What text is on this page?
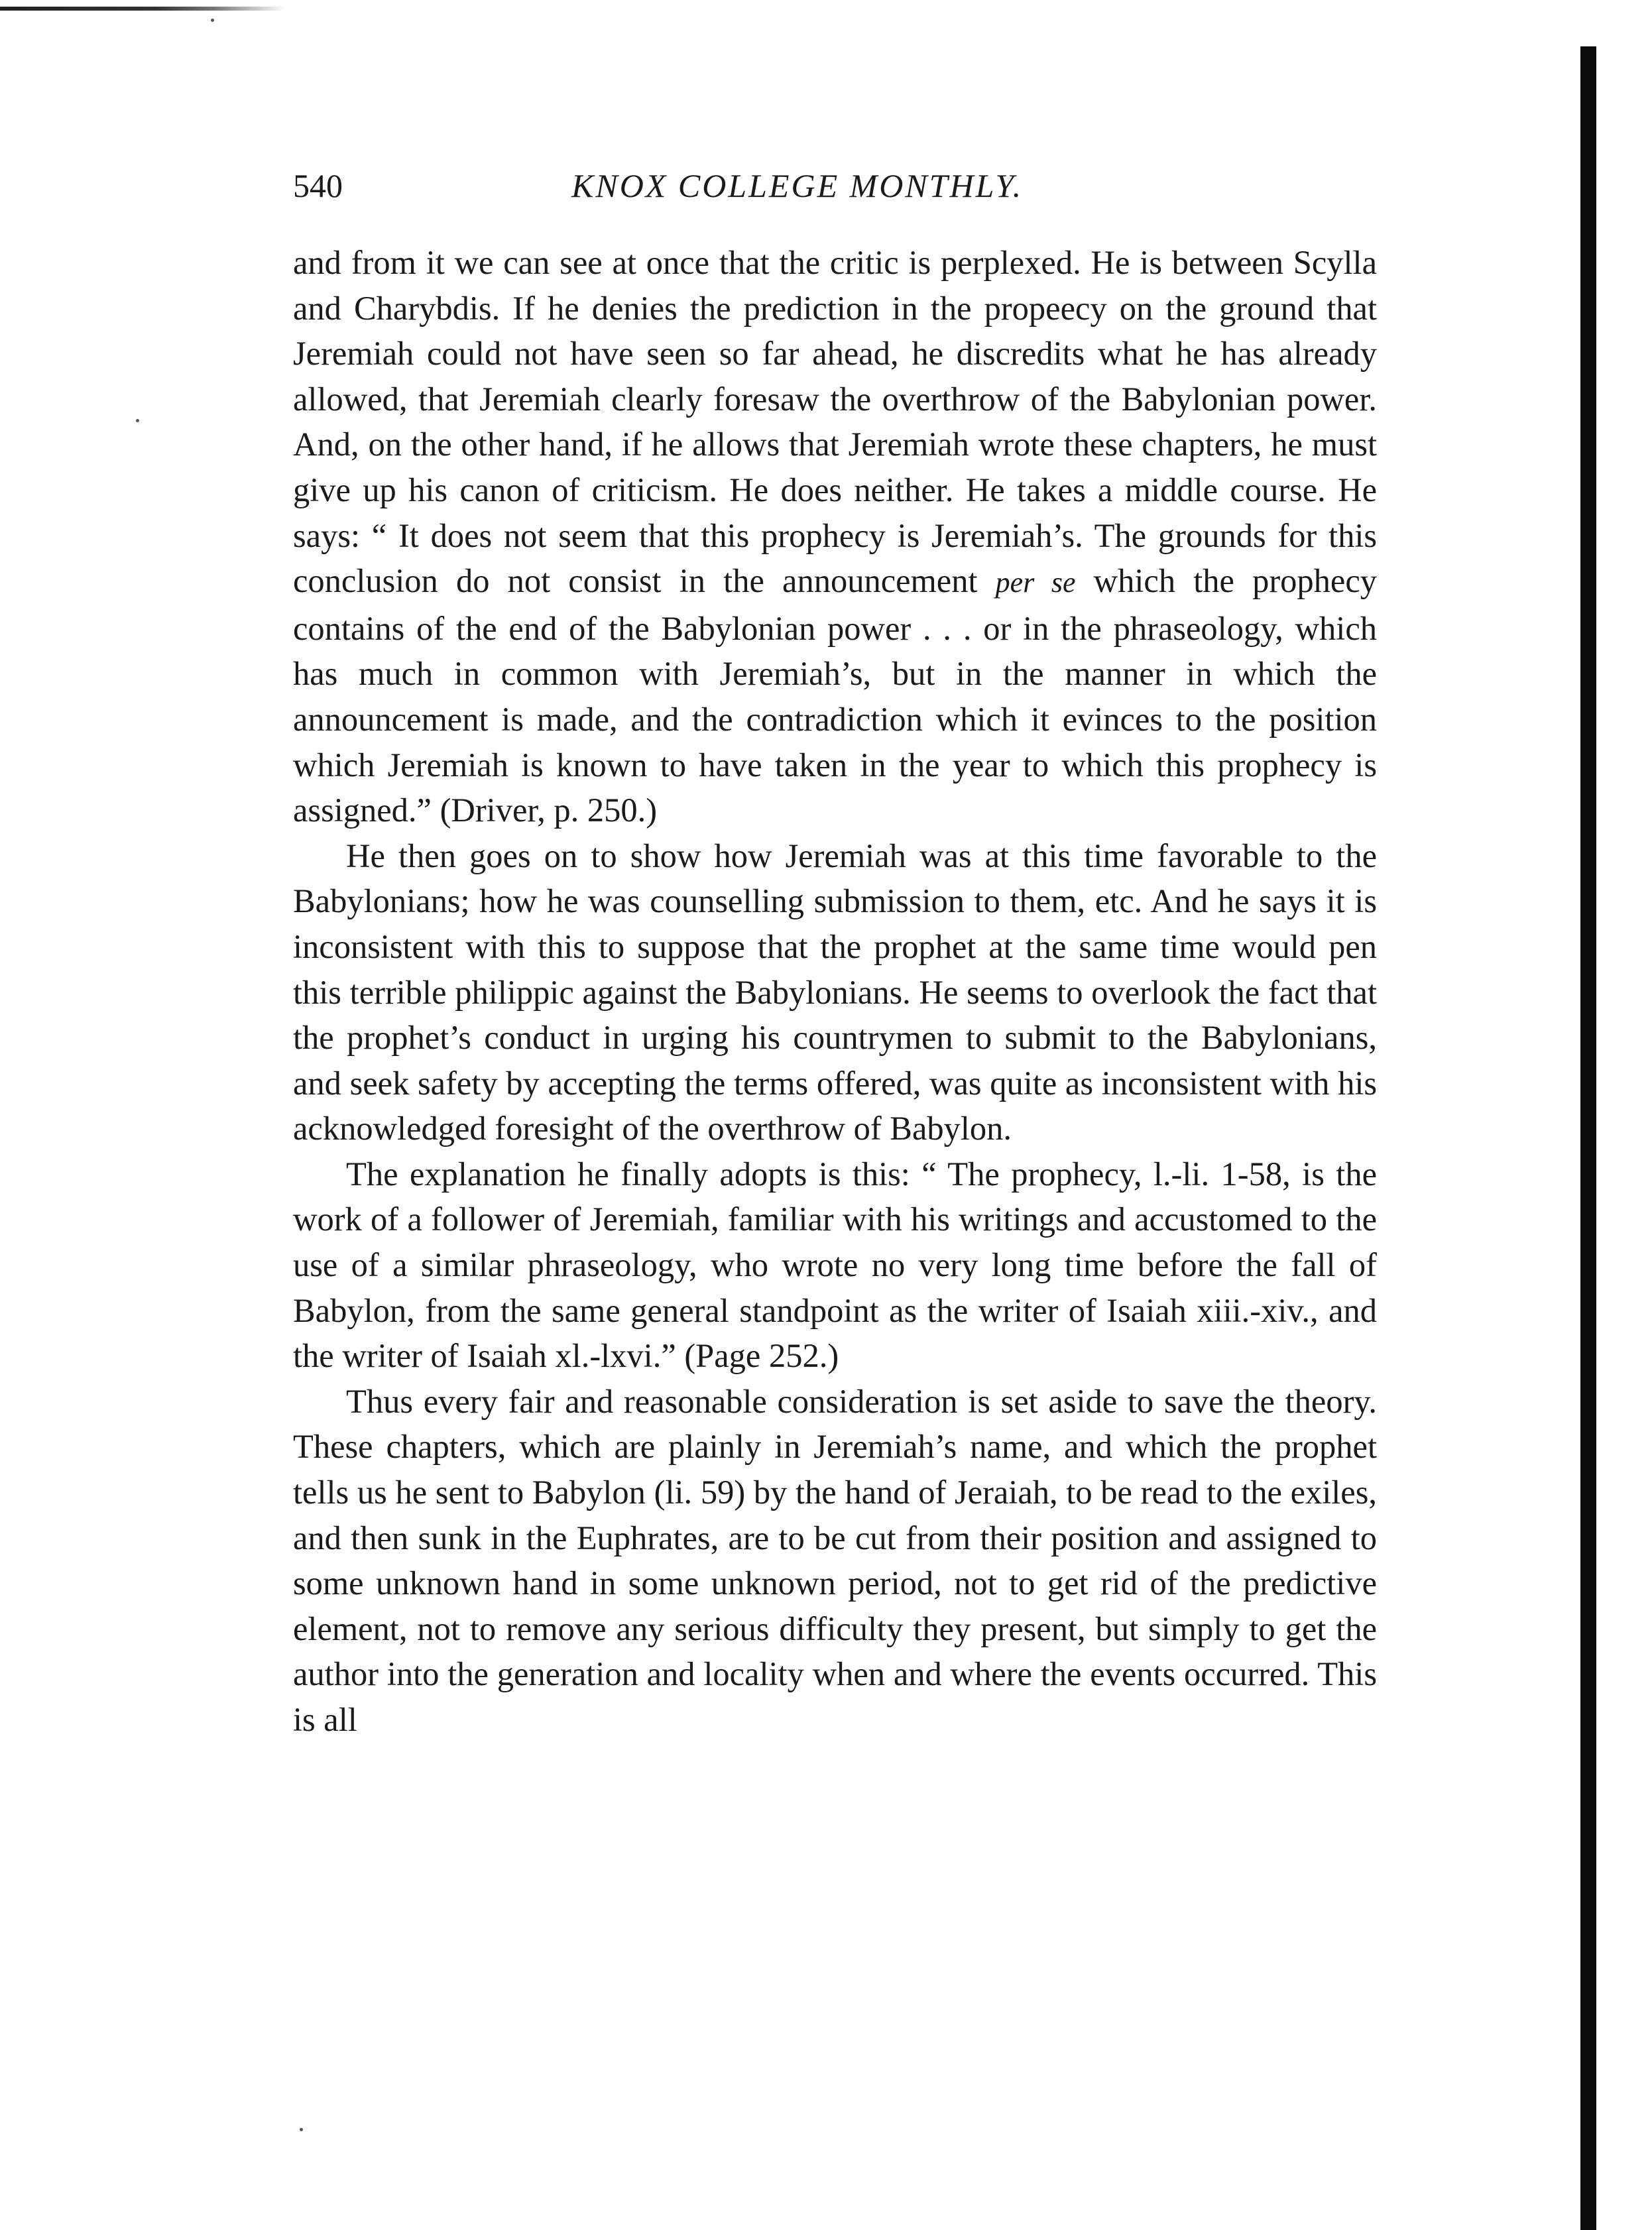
540	KNOX COLLEGE MONTHLY.

and from it we can see at once that the critic is perplexed. He is between Scylla and Charybdis. If he denies the prediction in the propeecy on the ground that Jeremiah could not have seen so far ahead, he discredits what he has already allowed, that Jeremiah clearly foresaw the overthrow of the Babylonian power. And, on the other hand, if he allows that Jeremiah wrote these chapters, he must give up his canon of criticism. He does neither. He takes a middle course. He says: “ It does not seem that this prophecy is Jeremiah’s. The grounds for this conclusion do not consist in the announcement per se which the prophecy contains of the end of the Babylonian power . . . or in the phraseology, which has much in common with Jeremiah’s, but in the manner in which the announcement is made, and the contradiction which it evinces to the position which Jeremiah is known to have taken in the year to which this prophecy is assigned.” (Driver, p. 250.)

He then goes on to show how Jeremiah was at this time favorable to the Babylonians; how he was counselling submission to them, etc. And he says it is inconsistent with this to suppose that the prophet at the same time would pen this terrible philippic against the Babylonians. He seems to overlook the fact that the prophet’s conduct in urging his countrymen to submit to the Babylonians, and seek safety by accepting the terms offered, was quite as inconsistent with his acknowledged foresight of the overthrow of Babylon.

The explanation he finally adopts is this: “ The prophecy, l.-li. 1-58, is the work of a follower of Jeremiah, familiar with his writings and accustomed to the use of a similar phraseology, who wrote no very long time before the fall of Babylon, from the same general standpoint as the writer of Isaiah xiii.-xiv., and the writer of Isaiah xl.-lxvi.” (Page 252.)

Thus every fair and reasonable consideration is set aside to save the theory. These chapters, which are plainly in Jeremiah’s name, and which the prophet tells us he sent to Babylon (li. 59) by the hand of Jeraiah, to be read to the exiles, and then sunk in the Euphrates, are to be cut from their position and assigned to some unknown hand in some unknown period, not to get rid of the predictive element, not to remove any serious difficulty they present, but simply to get the author into the generation and locality when and where the events occurred. This is all
